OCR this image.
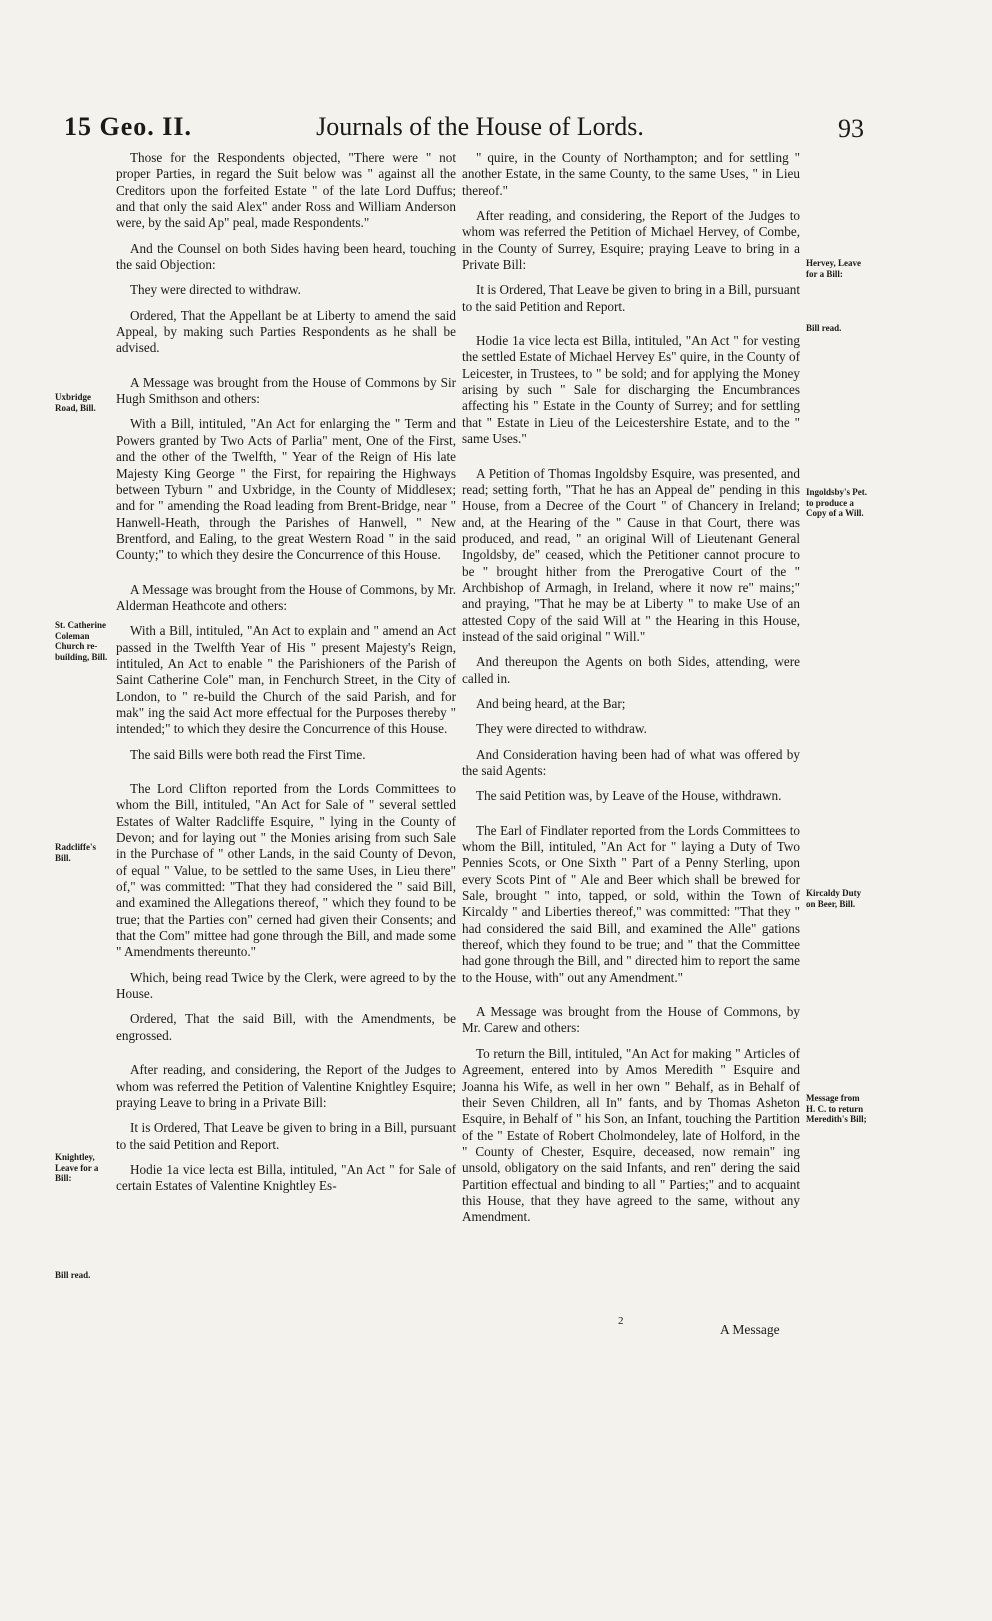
15 Geo. II.	Journals of the House of Lords.	93

Those for the Respondents objected, "There were " not proper Parties, in regard the Suit below was " against all the Creditors upon the forfeited Estate " of the late Lord Duffus; and that only the said Alex" ander Ross and William Anderson were, by the said Ap" peal, made Respondents."

And the Counsel on both Sides having been heard, touching the said Objection:

They were directed to withdraw.

Ordered, That the Appellant be at Liberty to amend the said Appeal, by making such Parties Respondents as he shall be advised.

A Message was brought from the House of Commons by Sir Hugh Smithson and others:

With a Bill, intituled, "An Act for enlarging the " Term and Powers granted by Two Acts of Parlia" ment, One of the First, and the other of the Twelfth, " Year of the Reign of His late Majesty King George " the First, for repairing the Highways between Tyburn " and Uxbridge, in the County of Middlesex; and for " amending the Road leading from Brent-Bridge, near " Hanwell-Heath, through the Parishes of Hanwell, " New Brentford, and Ealing, to the great Western Road " in the said County;" to which they desire the Concurrence of this House.

A Message was brought from the House of Commons, by Mr. Alderman Heathcote and others:

With a Bill, intituled, "An Act to explain and " amend an Act passed in the Twelfth Year of His " present Majesty's Reign, intituled, An Act to enable " the Parishioners of the Parish of Saint Catherine Cole" man, in Fenchurch Street, in the City of London, to " re-build the Church of the said Parish, and for mak" ing the said Act more effectual for the Purposes thereby " intended;" to which they desire the Concurrence of this House.

The said Bills were both read the First Time.

The Lord Clifton reported from the Lords Committees to whom the Bill, intituled, "An Act for Sale of " several settled Estates of Walter Radcliffe Esquire, " lying in the County of Devon; and for laying out " the Monies arising from such Sale in the Purchase of " other Lands, in the said County of Devon, of equal " Value, to be settled to the same Uses, in Lieu there" of," was committed: "That they had considered the " said Bill, and examined the Allegations thereof, " which they found to be true; that the Parties con" cerned had given their Consents; and that the Com" mittee had gone through the Bill, and made some " Amendments thereunto."

Which, being read Twice by the Clerk, were agreed to by the House.

Ordered, That the said Bill, with the Amendments, be engrossed.

After reading, and considering, the Report of the Judges to whom was referred the Petition of Valentine Knightley Esquire; praying Leave to bring in a Private Bill:

It is Ordered, That Leave be given to bring in a Bill, pursuant to the said Petition and Report.

Hodie 1a vice lecta est Billa, intituled, "An Act " for Sale of certain Estates of Valentine Knightley Es-

" quire, in the County of Northampton; and for settling " another Estate, in the same County, to the same Uses, " in Lieu thereof."

After reading, and considering, the Report of the Judges to whom was referred the Petition of Michael Hervey, of Combe, in the County of Surrey, Esquire; praying Leave to bring in a Private Bill:

It is Ordered, That Leave be given to bring in a Bill, pursuant to the said Petition and Report.

Hodie 1a vice lecta est Billa, intituled, "An Act " for vesting the settled Estate of Michael Hervey Es" quire, in the County of Leicester, in Trustees, to " be sold; and for applying the Money arising by such " Sale for discharging the Encumbrances affecting his " Estate in the County of Surrey; and for settling that " Estate in Lieu of the Leicestershire Estate, and to the " same Uses."

A Petition of Thomas Ingoldsby Esquire, was presented, and read; setting forth, "That he has an Appeal de" pending in this House, from a Decree of the Court " of Chancery in Ireland; and, at the Hearing of the " Cause in that Court, there was produced, and read, " an original Will of Lieutenant General Ingoldsby, de" ceased, which the Petitioner cannot procure to be " brought hither from the Prerogative Court of the " Archbishop of Armagh, in Ireland, where it now re" mains;" and praying, "That he may be at Liberty " to make Use of an attested Copy of the said Will at " the Hearing in this House, instead of the said original " Will."

And thereupon the Agents on both Sides, attending, were called in.

And being heard, at the Bar;

They were directed to withdraw.

And Consideration having been had of what was offered by the said Agents:

The said Petition was, by Leave of the House, withdrawn.

The Earl of Findlater reported from the Lords Committees to whom the Bill, intituled, "An Act for " laying a Duty of Two Pennies Scots, or One Sixth " Part of a Penny Sterling, upon every Scots Pint of " Ale and Beer which shall be brewed for Sale, brought " into, tapped, or sold, within the Town of Kircaldy " and Liberties thereof," was committed: "That they " had considered the said Bill, and examined the Alle" gations thereof, which they found to be true; and " that the Committee had gone through the Bill, and " directed him to report the same to the House, with" out any Amendment."

A Message was brought from the House of Commons, by Mr. Carew and others:

To return the Bill, intituled, "An Act for making " Articles of Agreement, entered into by Amos Meredith " Esquire and Joanna his Wife, as well in her own " Behalf, as in Behalf of their Seven Children, all In" fants, and by Thomas Asheton Esquire, in Behalf of " his Son, an Infant, touching the Partition of the " Estate of Robert Cholmondeley, late of Holford, in the " County of Chester, Esquire, deceased, now remain" ing unsold, obligatory on the said Infants, and ren" dering the said Partition effectual and binding to all " Parties;" and to acquaint this House, that they have agreed to the same, without any Amendment.

Uxbridge Road, Bill.
St. Catherine Coleman Church re-building, Bill.
Radcliffe's Bill.
Knightley, Leave for a Bill:
Bill read.
Hervey, Leave for a Bill:
Bill read.
Ingoldsby's Pet. to produce a Copy of a Will.
Kircaldy Duty on Beer, Bill.
Message from H. C. to return Meredith's Bill;
2
A Message
